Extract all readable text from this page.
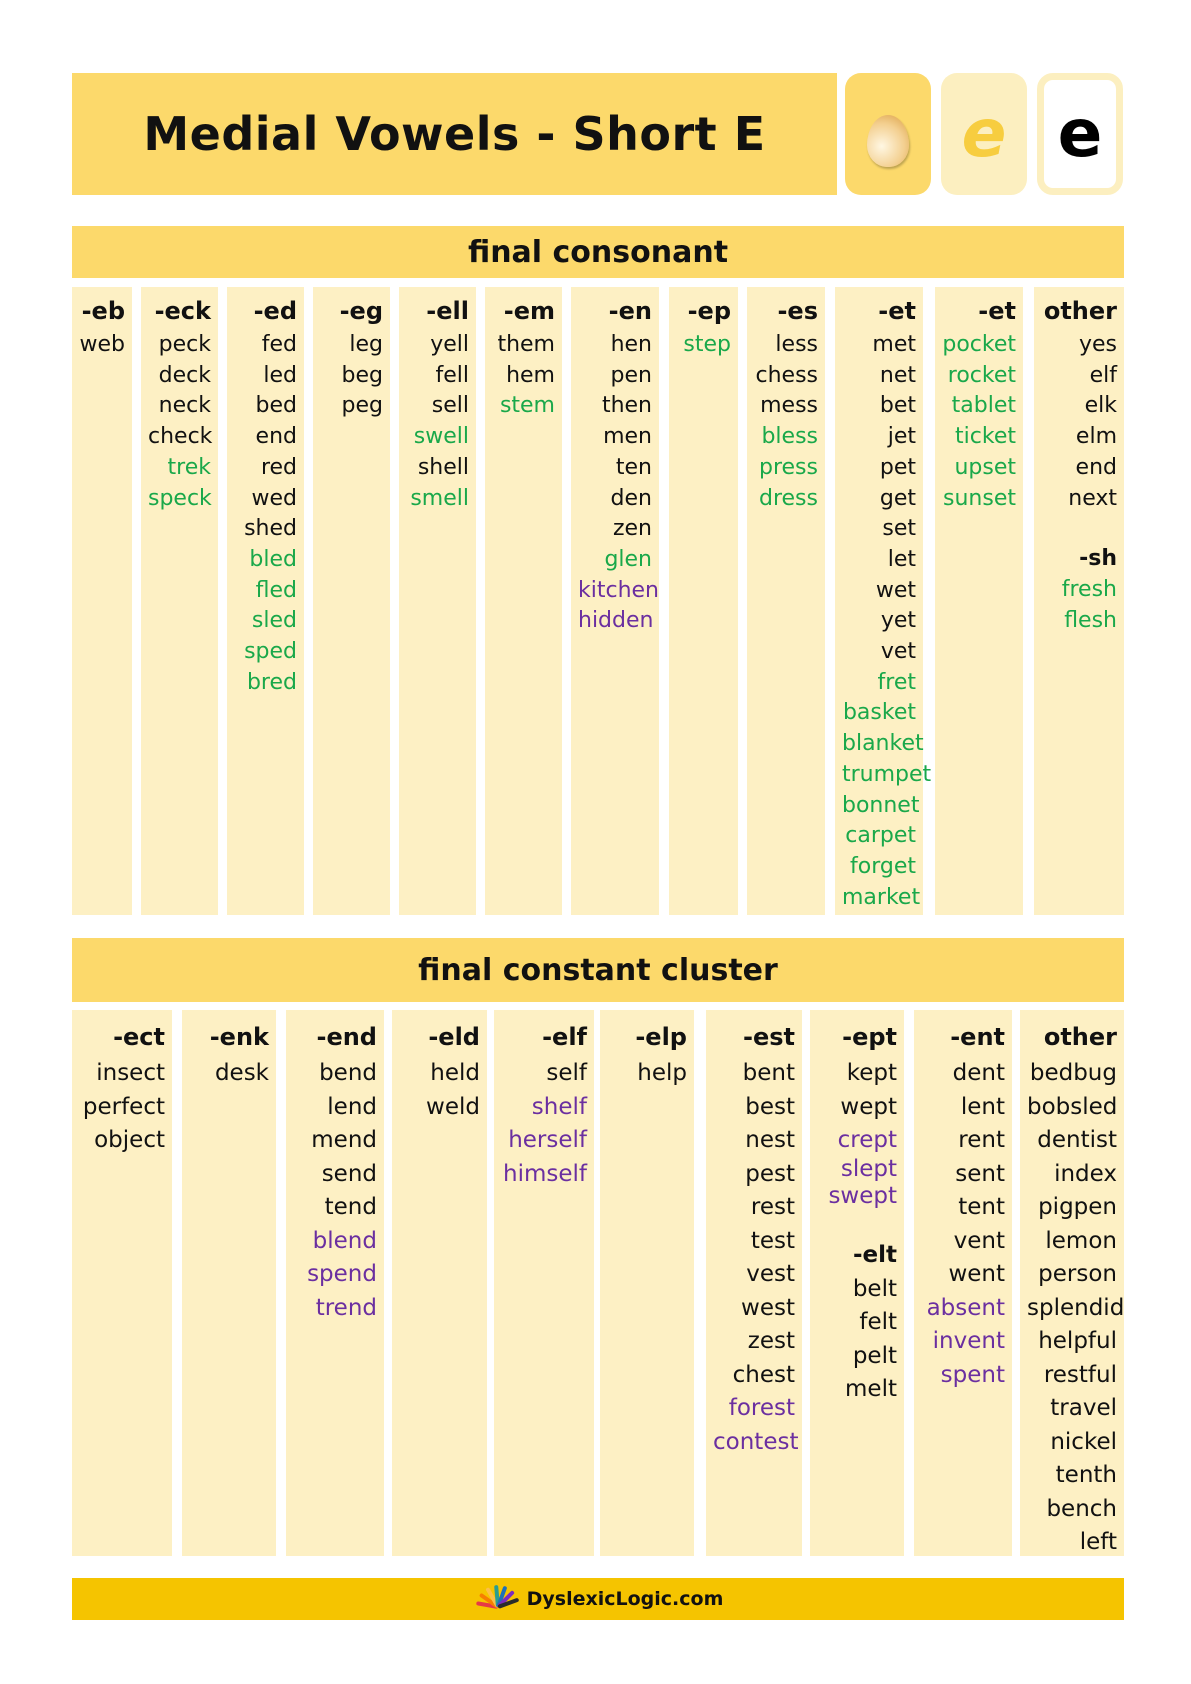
Medial Vowels - Short E	e e
final consonant
-eb
web
-eck
peck
deck
neck
check
trek
speck
-ed
fed
led
bed
end
red
wed
shed
bled
fled
sled
sped
bred
-eg
leg
beg
peg
-ell
yell
fell
sell
swell
shell
smell
-em
them
hem
stem
-en
hen
pen
then
men
ten
den
zen
glen
kitchen
hidden
-ep
step
-es
less
chess
mess
bless
press
dress
-et
met
net
bet
jet
pet
get
set
let
wet
yet
vet
fret
basket
blanket
trumpet
bonnet
carpet
forget
market
-et
pocket
rocket
tablet
ticket
upset
sunset
other
yes
elf
elk
elm
end
next
-sh
fresh
flesh
final constant cluster
-ect
insect
perfect
object
-enk
desk
-end
bend
lend
mend
send
tend
blend
spend
trend
-eld
held
weld
-elf
self
shelf
herself
himself
-elp
help
-est
bent
best
nest
pest
rest
test
vest
west
zest
chest
forest
contest
-ept
kept
wept
crept
slept
swept
-elt
belt
felt
pelt
melt
-ent
dent
lent
rent
sent
tent
vent
went
absent
invent
spent
other
bedbug
bobsled
dentist
index
pigpen
lemon
person
splendid
helpful
restful
travel
nickel
tenth
bench
left
DyslexicLogic.com
